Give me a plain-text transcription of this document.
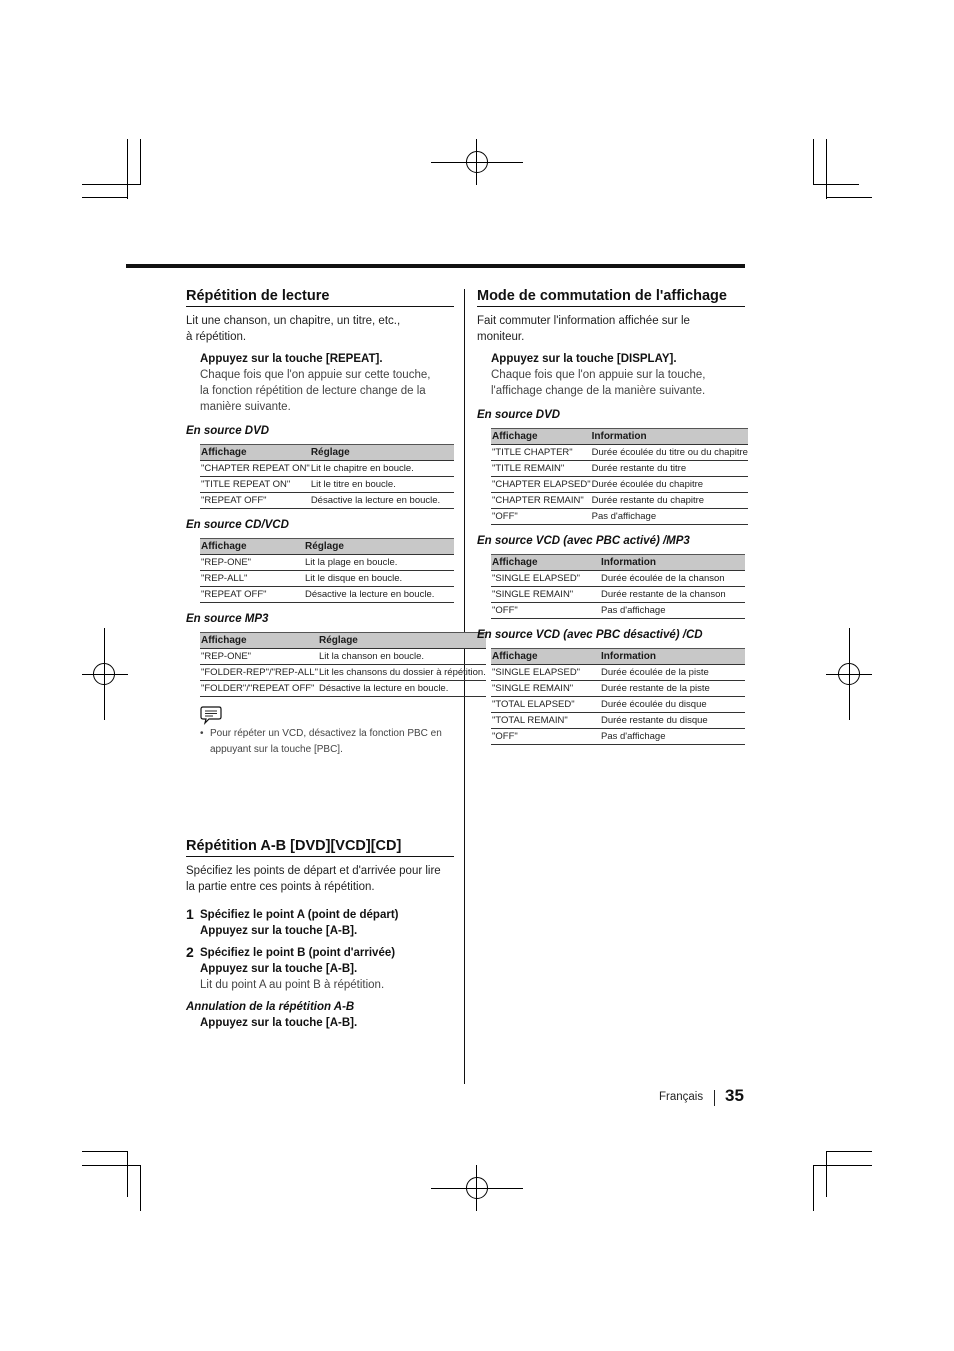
Répétition de lecture

Lit une chanson, un chapitre, un titre, etc.,
à répétition.

Appuyez sur la touche [REPEAT].
Chaque fois que l'on appuie sur cette touche,
la fonction répétition de lecture change de la
manière suivante.
En source DVD
Affichage	Réglage
"CHAPTER REPEAT ON"	Lit le chapitre en boucle.
"TITLE REPEAT ON"	Lit le titre en boucle.
"REPEAT OFF"	Désactive la lecture en boucle.
En source CD/VCD
Affichage	Réglage
"REP-ONE"	Lit la plage en boucle.
"REP-ALL"	Lit le disque en boucle.
"REPEAT OFF"	Désactive la lecture en boucle.
En source MP3
Affichage	Réglage
"REP-ONE"	Lit la chanson en boucle.
"FOLDER-REP"/"REP-ALL"	Lit les chansons du dossier à répétition.
"FOLDER"/"REPEAT OFF"	Désactive la lecture en boucle.
• Pour répéter un VCD, désactivez la fonction PBC en
appuyant sur la touche [PBC].
Répétition A-B [DVD][VCD][CD]

Spécifiez les points de départ et d'arrivée pour lire
la partie entre ces points à répétition.

1 Spécifiez le point A (point de départ)
Appuyez sur la touche [A-B].
2 Spécifiez le point B (point d'arrivée)
Appuyez sur la touche [A-B].
Lit du point A au point B à répétition.
Annulation de la répétition A-B
Appuyez sur la touche [A-B].
Mode de commutation de l'affichage

Fait commuter l'information affichée sur le
moniteur.

Appuyez sur la touche [DISPLAY].
Chaque fois que l'on appuie sur la touche,
l'affichage change de la manière suivante.
En source DVD
Affichage	Information
"TITLE CHAPTER"	Durée écoulée du titre ou du chapitre
"TITLE REMAIN"	Durée restante du titre
"CHAPTER ELAPSED"	Durée écoulée du chapitre
"CHAPTER REMAIN"	Durée restante du chapitre
"OFF"	Pas d'affichage
En source VCD (avec PBC activé) /MP3
Affichage	Information
"SINGLE ELAPSED"	Durée écoulée de la chanson
"SINGLE REMAIN"	Durée restante de la chanson
"OFF"	Pas d'affichage
En source VCD (avec PBC désactivé) /CD
Affichage	Information
"SINGLE ELAPSED"	Durée écoulée de la piste
"SINGLE REMAIN"	Durée restante de la piste
"TOTAL ELAPSED"	Durée écoulée du disque
"TOTAL REMAIN"	Durée restante du disque
"OFF"	Pas d'affichage
Français 35
